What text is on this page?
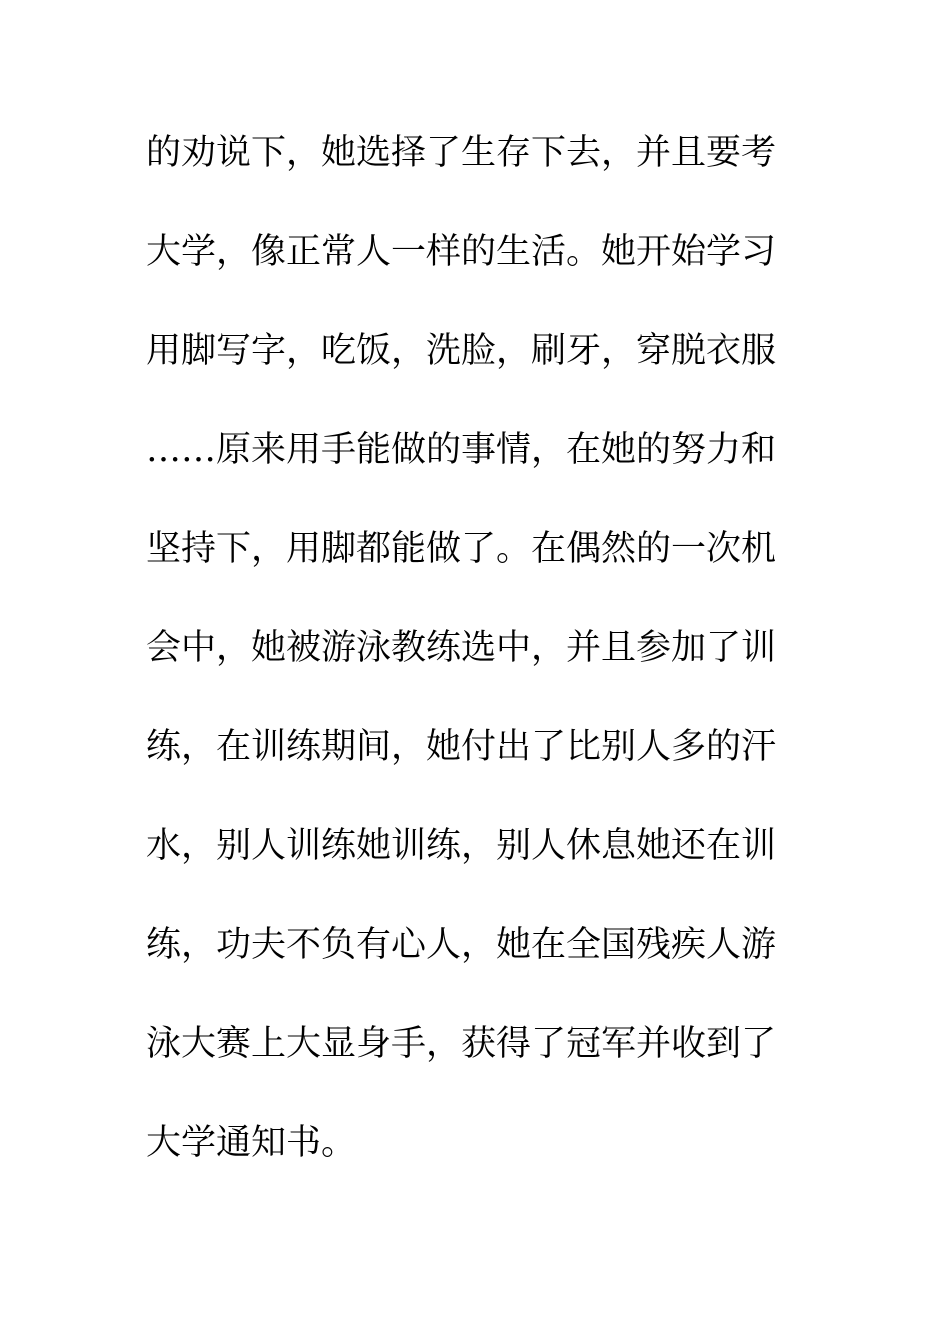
的劝说下，她选择了生存下去，并且要考
大学，像正常人一样的生活。她开始学习
用脚写字，吃饭，洗脸，刷牙，穿脱衣服
……原来用手能做的事情，在她的努力和
坚持下，用脚都能做了。在偶然的一次机
会中，她被游泳教练选中，并且参加了训
练，在训练期间，她付出了比别人多的汗
水，别人训练她训练，别人休息她还在训
练，功夫不负有心人，她在全国残疾人游
泳大赛上大显身手，获得了冠军并收到了
大学通知书。
